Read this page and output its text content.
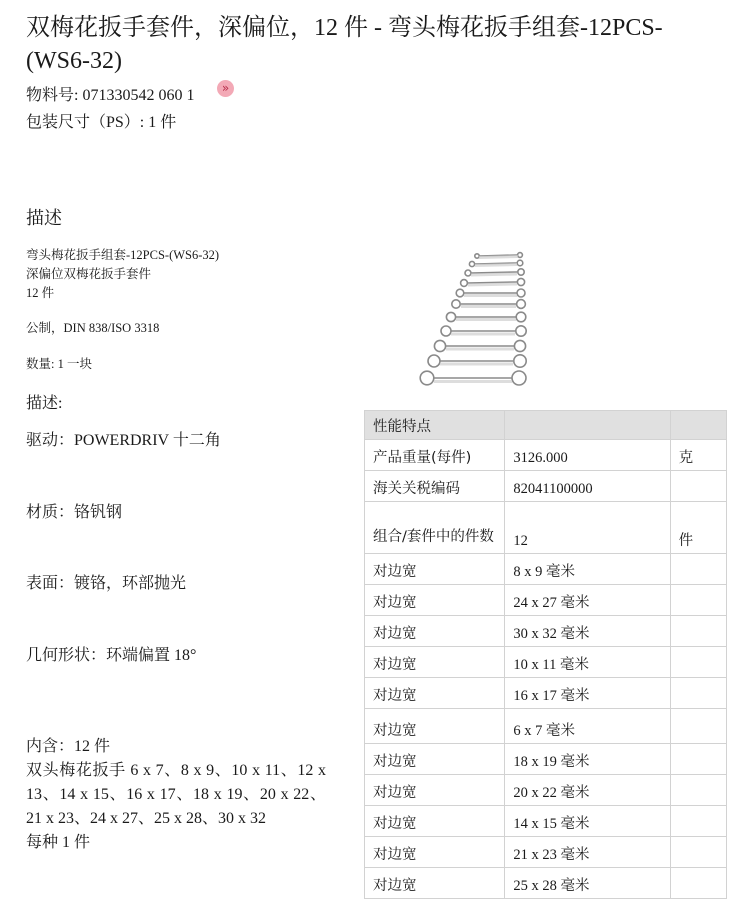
双梅花扳手套件，深偏位，12 件 - 弯头梅花扳手组套-12PCS-(WS6-32)
物料号: 071330542 060 1	»
包装尺寸（PS）: 1 件
描述
弯头梅花扳手组套-12PCS-(WS6-32)
深偏位双梅花扳手套件
12 件
公制，DIN 838/ISO 3318
数量: 1 一块
描述:
驱动：POWERDRIV 十二角
材质：铬钒钢
表面：镀铬，环部抛光
几何形状：环端偏置 18°
内含：12 件
双头梅花扳手 6 x 7、8 x 9、10 x 11、12 x 13、14 x 15、16 x 17、18 x 19、20 x 22、21 x 23、24 x 27、25 x 28、30 x 32
每种 1 件
性能特点		
产品重量(每件)	3126.000	克
海关关税编码	82041100000	
组合/套件中的件数	12	件
对边宽	8 x 9 毫米	
对边宽	24 x 27 毫米	
对边宽	30 x 32 毫米	
对边宽	10 x 11 毫米	
对边宽	16 x 17 毫米	
对边宽	6 x 7 毫米	
对边宽	18 x 19 毫米	
对边宽	20 x 22 毫米	
对边宽	14 x 15 毫米	
对边宽	21 x 23 毫米	
对边宽	25 x 28 毫米	
